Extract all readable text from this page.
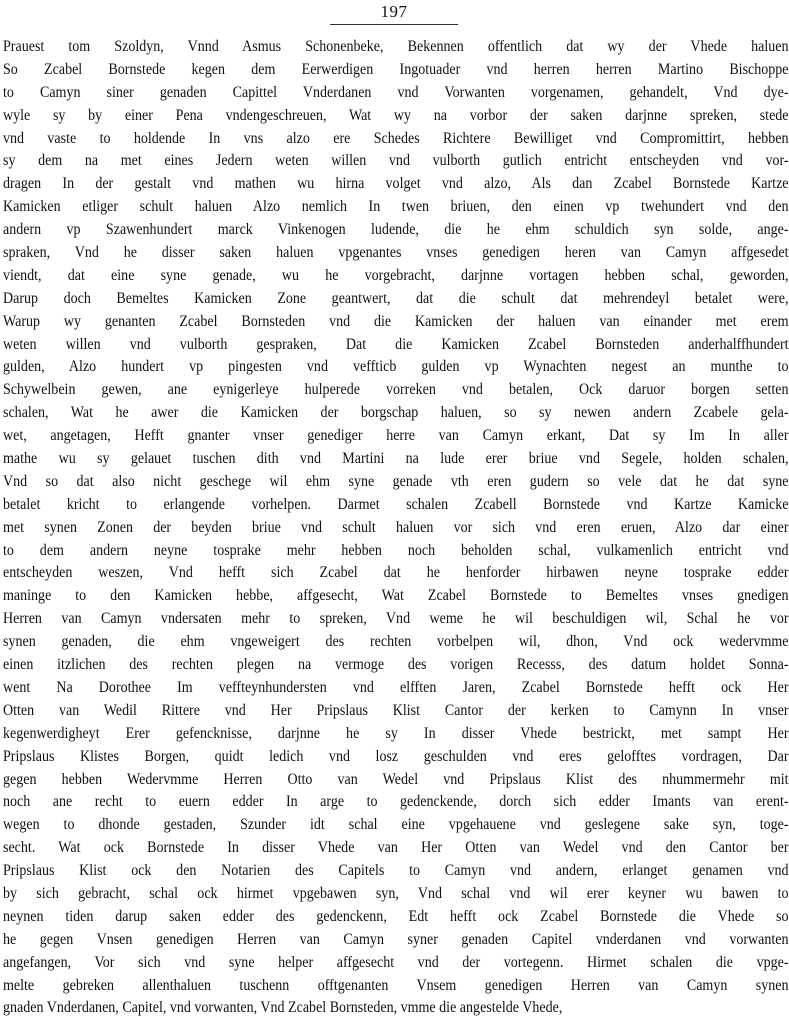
197
Prauest tom Szoldyn, Vnnd Asmus Schonenbeke, Bekennen offentlich dat wy der Vhede haluen
So Zcabel Bornstede kegen dem Eerwerdigen Ingotuader vnd herren herren Martino Bischoppe
to Camyn siner genaden Capittel Vnderdanen vnd Vorwanten vorgenamen, gehandelt, Vnd dye-
wyle sy by einer Pena vndengeschreuen, Wat wy na vorbor der saken darjnne spreken, stede
vnd vaste to holdende In vns alzo ere Schedes Richtere Bewilliget vnd Compromittirt, hebben
sy dem na met eines Jedern weten willen vnd vulborth gutlich entricht entscheyden vnd vor-
dragen In der gestalt vnd mathen wu hirna volget vnd alzo, Als dan Zcabel Bornstede Kartze
Kamicken etliger schult haluen Alzo nemlich In twen briuen, den einen vp twehundert vnd den
andern vp Szawenhundert marck Vinkenogen ludende, die he ehm schuldich syn solde, ange-
spraken, Vnd he disser saken haluen vpgenantes vnses genedigen heren van Camyn affgesedet
viendt, dat eine syne genade, wu he vorgebracht, darjnne vortagen hebben schal, geworden,
Darup doch Bemeltes Kamicken Zone geantwert, dat die schult dat mehrendeyl betalet were,
Warup wy genanten Zcabel Bornsteden vnd die Kamicken der haluen van einander met erem
weten willen vnd vulborth gespraken, Dat die Kamicken Zcabel Bornsteden anderhalffhundert
gulden, Alzo hundert vp pingesten vnd veffticb gulden vp Wynachten negest an munthe to
Schywelbein gewen, ane eynigerleye hulperede vorreken vnd betalen, Ock daruor borgen setten
schalen, Wat he awer die Kamicken der borgschap haluen, so sy newen andern Zcabele gela-
wet, angetagen, Hefft gnanter vnser genediger herre van Camyn erkant, Dat sy Im In aller
mathe wu sy gelauet tuschen dith vnd Martini na lude erer briue vnd Segele, holden schalen,
Vnd so dat also nicht geschege wil ehm syne genade vth eren gudern so vele dat he dat syne
betalet kricht to erlangende vorhelpen. Darmet schalen Zcabell Bornstede vnd Kartze Kamicke
met synen Zonen der beyden briue vnd schult haluen vor sich vnd eren eruen, Alzo dar einer
to dem andern neyne tosprake mehr hebben noch beholden schal, vulkamenlich entricht vnd
entscheyden weszen, Vnd hefft sich Zcabel dat he henforder hirbawen neyne tosprake edder
maninge to den Kamicken hebbe, affgesecht, Wat Zcabel Bornstede to Bemeltes vnses gnedigen
Herren van Camyn vndersaten mehr to spreken, Vnd weme he wil beschuldigen wil, Schal he vor
synen genaden, die ehm vngeweigert des rechten vorbelpen wil, dhon, Vnd ock wedervmme
einen itzlichen des rechten plegen na vermoge des vorigen Recesss, des datum holdet Sonna-
went Na Dorothee Im veffteynhundersten vnd elfften Jaren, Zcabel Bornstede hefft ock Her
Otten van Wedil Rittere vnd Her Pripslaus Klist Cantor der kerken to Camynn In vnser
kegenwerdigheyt Erer gefencknisse, darjnne he sy In disser Vhede bestrickt, met sampt Her
Pripslaus Klistes Borgen, quidt ledich vnd losz geschulden vnd eres gelofftes vordragen, Dar
gegen hebben Wedervmme Herren Otto van Wedel vnd Pripslaus Klist des nhummermehr mit
noch ane recht to euern edder In arge to gedenckende, dorch sich edder Imants van erent-
wegen to dhonde gestaden, Szunder idt schal eine vpgehauene vnd geslegene sake syn, toge-
secht. Wat ock Bornstede In disser Vhede van Her Otten van Wedel vnd den Cantor ber
Pripslaus Klist ock den Notarien des Capitels to Camyn vnd andern, erlanget genamen vnd
by sich gebracht, schal ock hirmet vpgebawen syn, Vnd schal vnd wil erer keyner wu bawen to
neynen tiden darup saken edder des gedenckenn, Edt hefft ock Zcabel Bornstede die Vhede so
he gegen Vnsen genedigen Herren van Camyn syner genaden Capitel vnderdanen vnd vorwanten
angefangen, Vor sich vnd syne helper affgesecht vnd der vortegenn. Hirmet schalen die vpge-
melte gebreken allenthaluen tuschenn offtgenanten Vnsem genedigen Herren van Camyn synen
gnaden Vnderdanen, Capitel, vnd vorwanten, Vnd Zcabel Bornsteden, vmme die angestelde Vhede,
